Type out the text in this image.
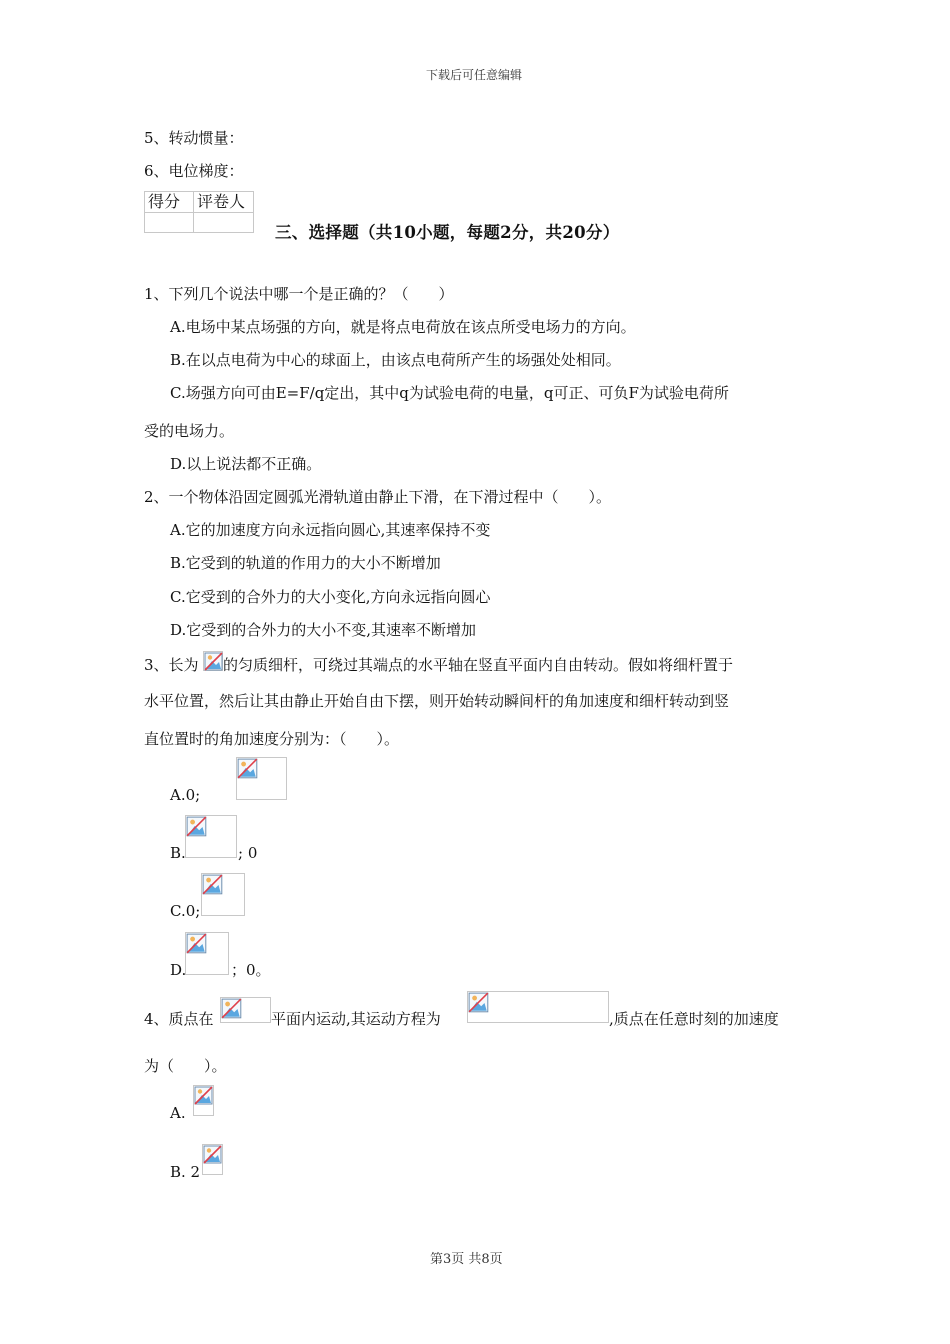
下载后可任意编辑
5、转动惯量：
6、电位梯度：
得分	评卷人

三、选择题（共10小题，每题2分，共20分）
1、下列几个说法中哪一个是正确的？（　　）
A.电场中某点场强的方向，就是将点电荷放在该点所受电场力的方向。
B.在以点电荷为中心的球面上，由该点电荷所产生的场强处处相同。
C.场强方向可由E=F/q定出，其中q为试验电荷的电量，q可正、可负F为试验电荷所
受的电场力。
D.以上说法都不正确。
2、一个物体沿固定圆弧光滑轨道由静止下滑，在下滑过程中（　　）。
A.它的加速度方向永远指向圆心,其速率保持不变
B.它受到的轨道的作用力的大小不断增加
C.它受到的合外力的大小变化,方向永远指向圆心
D.它受到的合外力的大小不变,其速率不断增加
3、长为 的匀质细杆，可绕过其端点的水平轴在竖直平面内自由转动。假如将细杆置于
水平位置，然后让其由静止开始自由下摆，则开始转动瞬间杆的角加速度和细杆转动到竖
直位置时的角加速度分别为：（　　）。
A.0;
B.	; 0
C.0;
D.	；0。
4、质点在	平面内运动,其运动方程为	,质点在任意时刻的加速度
为（　　）。
A.
B. 2
第3页 共8页
